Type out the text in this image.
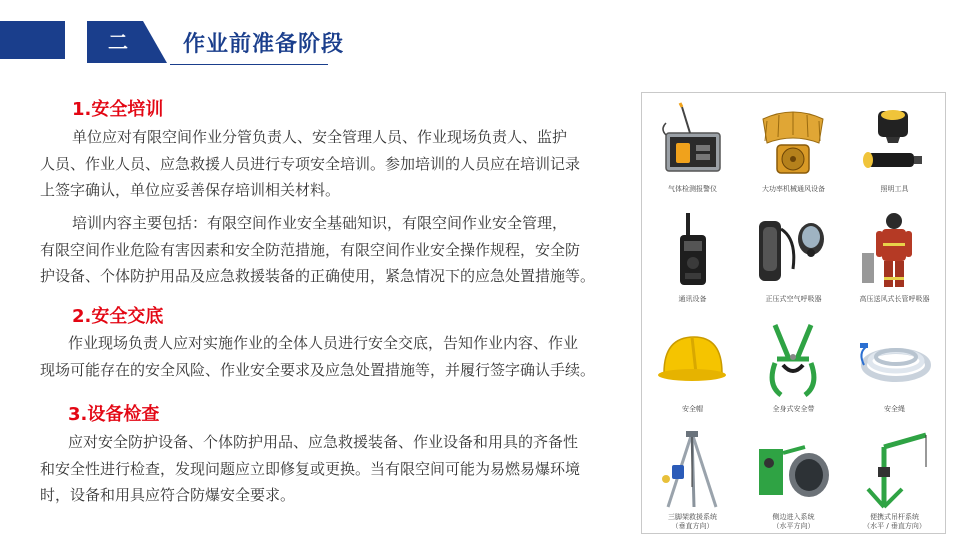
二	作业前准备阶段
1.安全培训
单位应对有限空间作业分管负责人、安全管理人员、作业现场负责人、监护
人员、作业人员、应急救援人员进行专项安全培训。参加培训的人员应在培训记录
上签字确认，单位应妥善保存培训相关材料。
培训内容主要包括：有限空间作业安全基础知识，有限空间作业安全管理，
有限空间作业危险有害因素和安全防范措施，有限空间作业安全操作规程，安全防
护设备、个体防护用品及应急救援装备的正确使用，紧急情况下的应急处置措施等。
2.安全交底
作业现场负责人应对实施作业的全体人员进行安全交底，告知作业内容、作业
现场可能存在的安全风险、作业安全要求及应急处置措施等，并履行签字确认手续。
3.设备检查
应对安全防护设备、个体防护用品、应急救援装备、作业设备和用具的齐备性
和安全性进行检查，发现问题应立即修复或更换。当有限空间可能为易燃易爆环境
时，设备和用具应符合防爆安全要求。
气体检测报警仪	大功率机械通风设备	照明工具
通讯设备	正压式空气呼吸器	高压送风式长管呼吸器
安全帽	全身式安全带	安全绳
三脚架救援系统
（垂直方向）
侧边进入系统
（水平方向）
便携式吊杆系统
（水平 / 垂直方向）
